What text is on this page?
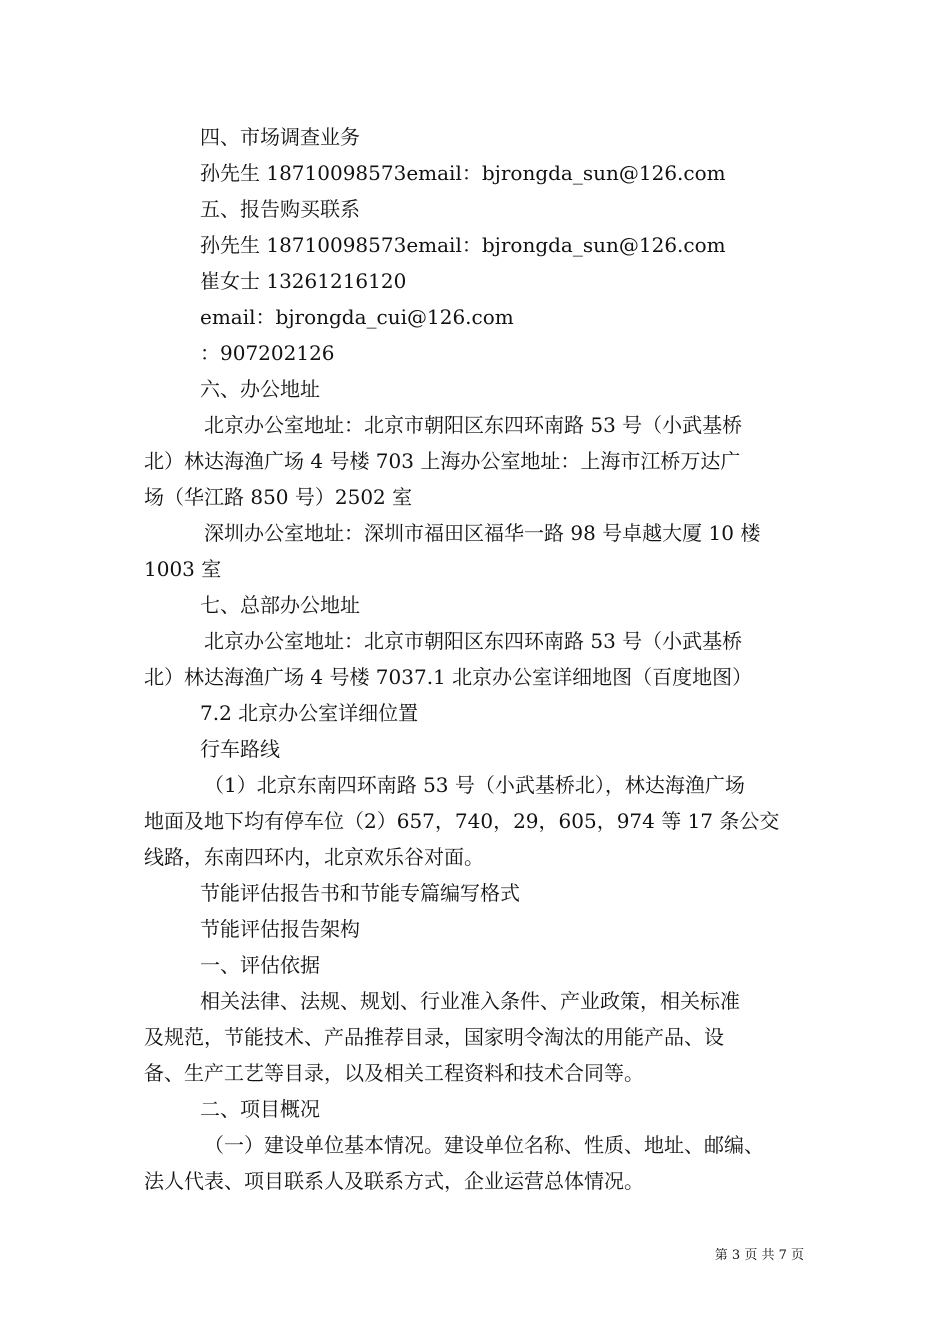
四、市场调查业务
孙先生 18710098573email：bjrongda_sun@126.com
五、报告购买联系
孙先生 18710098573email：bjrongda_sun@126.com
崔女士 13261216120
email：bjrongda_cui@126.com
：907202126
六、办公地址
北京办公室地址：北京市朝阳区东四环南路 53 号（小武基桥
北）林达海渔广场 4 号楼 703 上海办公室地址：上海市江桥万达广
场（华江路 850 号）2502 室
深圳办公室地址：深圳市福田区福华一路 98 号卓越大厦 10 楼
1003 室
七、总部办公地址
北京办公室地址：北京市朝阳区东四环南路 53 号（小武基桥
北）林达海渔广场 4 号楼 7037.1 北京办公室详细地图（百度地图）
7.2 北京办公室详细位置
行车路线
（1）北京东南四环南路 53 号（小武基桥北），林达海渔广场
地面及地下均有停车位（2）657，740，29，605，974 等 17 条公交
线路，东南四环内，北京欢乐谷对面。
节能评估报告书和节能专篇编写格式
节能评估报告架构
一、评估依据
相关法律、法规、规划、行业准入条件、产业政策，相关标准
及规范，节能技术、产品推荐目录，国家明令淘汰的用能产品、设
备、生产工艺等目录，以及相关工程资料和技术合同等。
二、项目概况
（一）建设单位基本情况。建设单位名称、性质、地址、邮编、
法人代表、项目联系人及联系方式，企业运营总体情况。
第 3 页 共 7 页
